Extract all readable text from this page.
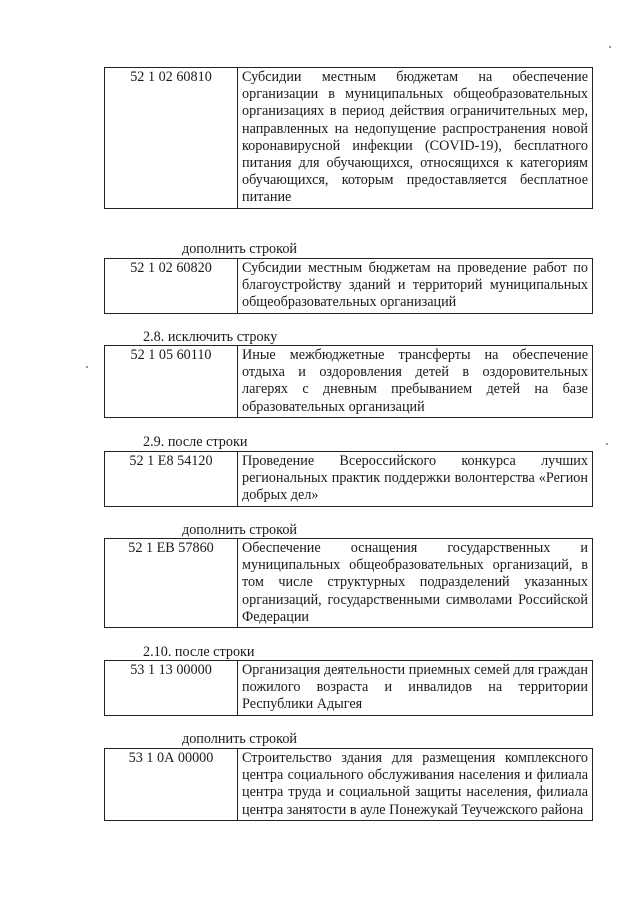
52 1 02 60810	Субсидии местным бюджетам на обеспечение организации в муниципальных общеобразовательных организациях в период действия ограничительных мер, направленных на недопущение распространения новой коронавирусной инфекции (COVID-19), бесплатного питания для обучающихся, относящихся к категориям обучающихся, которым предоставляется бесплатное питание
дополнить строкой
52 1 02 60820	Субсидии местным бюджетам на проведение работ по благоустройству зданий и территорий муниципальных общеобразовательных организаций
2.8. исключить строку
52 1 05 60110	Иные межбюджетные трансферты на обеспечение отдыха и оздоровления детей в оздоровительных лагерях с дневным пребыванием детей на базе образовательных организаций
2.9. после строки
52 1 Е8 54120	Проведение Всероссийского конкурса лучших региональных практик поддержки волонтерства «Регион добрых дел»
дополнить строкой
52 1 ЕВ 57860	Обеспечение оснащения государственных и муниципальных общеобразовательных организаций, в том числе структурных подразделений указанных организаций, государственными символами Российской Федерации
2.10. после строки
53 1 13 00000	Организация деятельности приемных семей для граждан пожилого возраста и инвалидов на территории Республики Адыгея
дополнить строкой
53 1 0А 00000	Строительство здания для размещения комплексного центра социального обслуживания населения и филиала центра труда и социальной защиты населения, филиала центра занятости в ауле Понежукай Теучежского района
